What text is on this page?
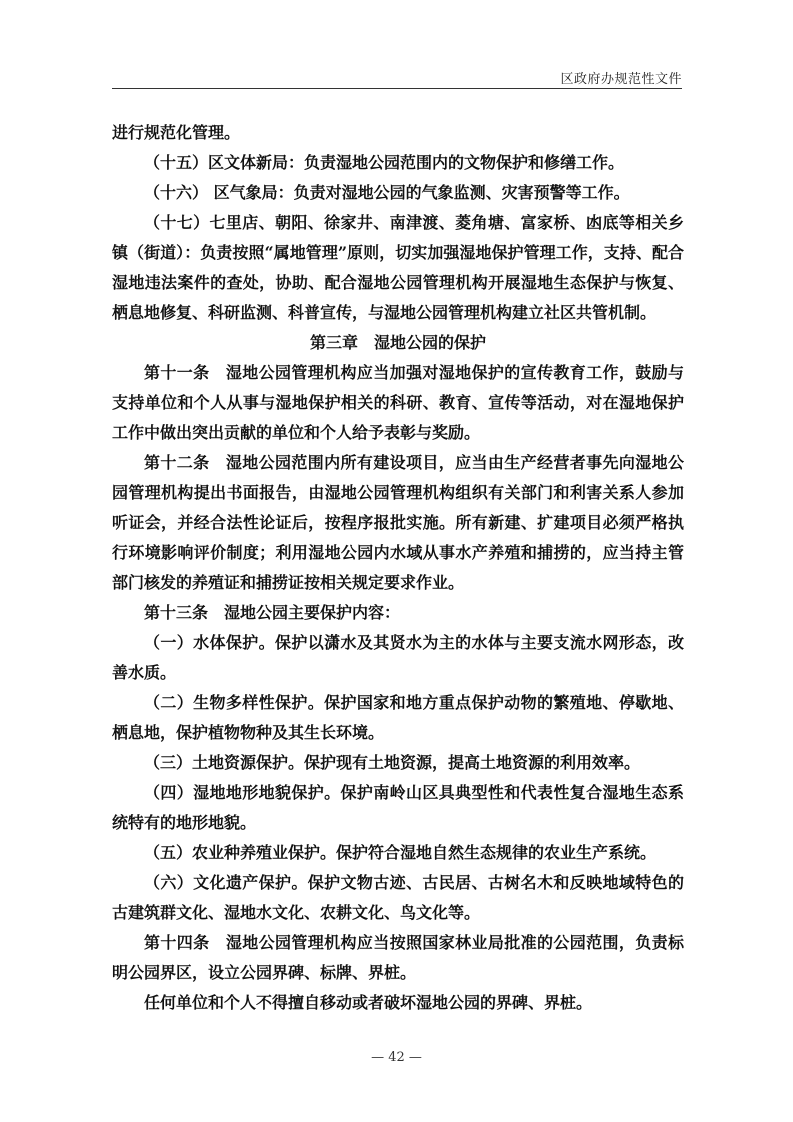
区政府办规范性文件

进行规范化管理。

（十五）区文体新局：负责湿地公园范围内的文物保护和修缮工作。

（十六） 区气象局：负责对湿地公园的气象监测、灾害预警等工作。

（十七）七里店、朝阳、徐家井、南津渡、菱角塘、富家桥、凼底等相关乡镇（街道）：负责按照“属地管理”原则，切实加强湿地保护管理工作，支持、配合湿地违法案件的查处，协助、配合湿地公园管理机构开展湿地生态保护与恢复、栖息地修复、科研监测、科普宣传，与湿地公园管理机构建立社区共管机制。

第三章　湿地公园的保护

第十一条　湿地公园管理机构应当加强对湿地保护的宣传教育工作，鼓励与支持单位和个人从事与湿地保护相关的科研、教育、宣传等活动，对在湿地保护工作中做出突出贡献的单位和个人给予表彰与奖励。

第十二条　湿地公园范围内所有建设项目，应当由生产经营者事先向湿地公园管理机构提出书面报告，由湿地公园管理机构组织有关部门和利害关系人参加听证会，并经合法性论证后，按程序报批实施。所有新建、扩建项目必须严格执行环境影响评价制度；利用湿地公园内水域从事水产养殖和捕捞的，应当持主管部门核发的养殖证和捕捞证按相关规定要求作业。

第十三条　湿地公园主要保护内容：

（一）水体保护。保护以潇水及其贤水为主的水体与主要支流水网形态，改善水质。

（二）生物多样性保护。保护国家和地方重点保护动物的繁殖地、停歇地、栖息地，保护植物物种及其生长环境。

（三）土地资源保护。保护现有土地资源，提高土地资源的利用效率。

（四）湿地地形地貌保护。保护南岭山区具典型性和代表性复合湿地生态系统特有的地形地貌。

（五）农业种养殖业保护。保护符合湿地自然生态规律的农业生产系统。

（六）文化遗产保护。保护文物古迹、古民居、古树名木和反映地域特色的古建筑群文化、湿地水文化、农耕文化、鸟文化等。

第十四条　湿地公园管理机构应当按照国家林业局批准的公园范围，负责标明公园界区，设立公园界碑、标牌、界桩。

任何单位和个人不得擅自移动或者破坏湿地公园的界碑、界桩。

— 42 —
